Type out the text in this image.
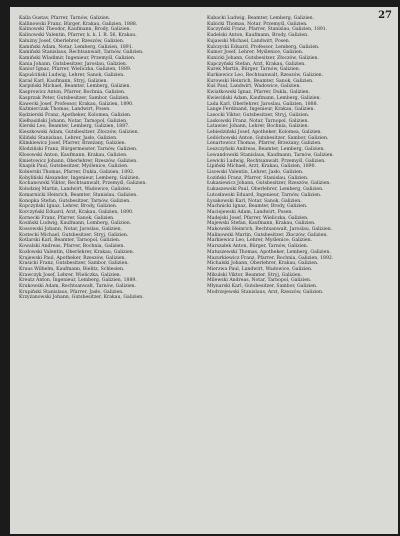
27

Kalla Gustav, Pfarrer, Tarnów, Galizien.

Kallinowski Franz, Bürger, Krakau, Galizien, 1888.

Kalinowski Theodor, Kaufmann, Brody, Galizien.

Kalinowski Valentin, Pfarrer, k. k. I. R. 56, Krakau.

Kałużny Josef, Oberlehrer, Rzeszów, Galizien.

Kamiński Adam, Notar, Lemberg, Galizien, 1891.

Kamiński Stanislaus, Rechtsanwalt, Tarnów, Galizien.

Kamiński Wladimir, Ingenieur, Przemyśl, Galizien.

Kania Johann, Gutsbesitzer, Jaroslau, Galizien.

Kanior Ignaz, Pfarrer, Wieliczka, Galizien, 1889.

Kapuściński Ludwig, Lehrer, Sanok, Galizien.

Karaś Karl, Kaufmann, Stryj, Galizien.

Karpiński Michael, Beamter, Lemberg, Galizien.

Kasprowicz Anton, Pfarrer, Bochnia, Galizien.

Kasprzak Peter, Gutsbesitzer, Sambor, Galizien.

Kawecki Josef, Professor, Krakau, Galizien, 1890.

Kaźmierczak Thomas, Landwirt, Posen.

Kędzierski Franz, Apotheker, Kolomea, Galizien.

Kiełbasiński Johann, Notar, Tarnopol, Galizien.

Kierski Leo, Beamter, Lemberg, Galizien, 1887.

Kieszkowski Adam, Gutsbesitzer, Złoczów, Galizien.

Kiliński Stanislaus, Lehrer, Jasło, Galizien.

Klimkiewicz Josef, Pfarrer, Brzeżany, Galizien.

Kłodziński Franz, Bürgermeister, Tarnów, Galizien.

Kłosowski Anton, Kaufmann, Krakau, Galizien.

Kmietowicz Johann, Oberlehrer, Rzeszów, Galizien.

Knapik Paul, Gutsbesitzer, Myślenice, Galizien.

Kobierski Thomas, Pfarrer, Dukla, Galizien, 1892.

Kobyliński Alexander, Ingenieur, Lemberg, Galizien.

Kochanowski Viktor, Rechtsanwalt, Przemyśl, Galizien.

Kołodziej Martin, Landwirt, Wadowice, Galizien.

Komarnicki Heinrich, Beamter, Stanislau, Galizien.

Konopka Stefan, Gutsbesitzer, Tarnów, Galizien.

Kopczyński Ignaz, Lehrer, Brody, Galizien.

Korczyński Eduard, Arzt, Krakau, Galizien, 1890.

Kornecki Franz, Pfarrer, Sanok, Galizien.

Kosiński Ludwig, Kaufmann, Lemberg, Galizien.

Kossowski Johann, Notar, Jaroslau, Galizien.

Kostecki Michael, Gutsbesitzer, Stryj, Galizien.

Kotlarski Karl, Beamter, Tarnopol, Galizien.

Kowalski Andreas, Pfarrer, Bochnia, Galizien.

Kozłowski Valentin, Oberlehrer, Krakau, Galizien.

Krajewski Paul, Apotheker, Rzeszów, Galizien.

Krasicki Franz, Gutsbesitzer, Sambor, Galizien.

Kraus Wilhelm, Kaufmann, Bielitz, Schlesien.

Krawczyk Josef, Lehrer, Wieliczka, Galizien.

Kreutz Anton, Ingenieur, Lemberg, Galizien, 1889.

Krukowski Adam, Rechtsanwalt, Tarnów, Galizien.

Krupiński Stanislaus, Pfarrer, Jasło, Galizien.

Krzyżanowski Johann, Gutsbesitzer, Krakau, Galizien.

Kubacki Ludwig, Beamter, Lemberg, Galizien.

Kubicki Thomas, Notar, Przemyśl, Galizien.

Kuczyński Franz, Pfarrer, Stanislau, Galizien, 1891.

Kudelski Anton, Kaufmann, Brody, Galizien.

Kujawski Michael, Landwirt, Posen.

Kulczycki Eduard, Professor, Lemberg, Galizien.

Kumor Josef, Lehrer, Myślenice, Galizien.

Kunicki Johann, Gutsbesitzer, Złoczów, Galizien.

Kupczyński Stefan, Arzt, Krakau, Galizien.

Kurek Martin, Bürger, Tarnów, Galizien.

Kurkiewicz Leo, Rechtsanwalt, Rzeszów, Galizien.

Kurowski Heinrich, Beamter, Sanok, Galizien.

Kuś Paul, Landwirt, Wadowice, Galizien.

Kwiatkowski Ignaz, Pfarrer, Dukla, Galizien.

Kwieciński Adam, Kaufmann, Lemberg, Galizien.

Lada Karl, Oberlehrer, Jaroslau, Galizien, 1888.

Lange Ferdinand, Ingenieur, Krakau, Galizien.

Lasocki Viktor, Gutsbesitzer, Stryj, Galizien.

Laskowski Franz, Notar, Tarnopol, Galizien.

Latawiec Johann, Lehrer, Bochnia, Galizien.

Lebiedziński Josef, Apotheker, Kolomea, Galizien.

Ledóchowski Anton, Gutsbesitzer, Sambor, Galizien.

Lenartowicz Thomas, Pfarrer, Brzeżany, Galizien.

Leszczyński Andreas, Beamter, Lemberg, Galizien.

Lewandowski Stanislaus, Kaufmann, Tarnów, Galizien.

Lewicki Ludwig, Rechtsanwalt, Przemyśl, Galizien.

Lipiński Michael, Arzt, Krakau, Galizien, 1890.

Lisowski Valentin, Lehrer, Jasło, Galizien.

Łoziński Franz, Pfarrer, Stanislau, Galizien.

Łukasiewicz Johann, Gutsbesitzer, Rzeszów, Galizien.

Łukaszewski Paul, Oberlehrer, Lemberg, Galizien.

Lutosławski Eduard, Ingenieur, Tarnów, Galizien.

Łysakowski Karl, Notar, Sanok, Galizien.

Machnicki Ignaz, Beamter, Brody, Galizien.

Maciejewski Adam, Landwirt, Posen.

Madejski Josef, Pfarrer, Wieliczka, Galizien.

Majewski Stefan, Kaufmann, Krakau, Galizien.

Makowski Heinrich, Rechtsanwalt, Jaroslau, Galizien.

Malinowski Martin, Gutsbesitzer, Złoczów, Galizien.

Markiewicz Leo, Lehrer, Myślenice, Galizien.

Marszałek Anton, Bürger, Tarnów, Galizien.

Matuszewski Thomas, Apotheker, Lemberg, Galizien.

Mazurkiewicz Franz, Pfarrer, Bochnia, Galizien, 1892.

Michalski Johann, Oberlehrer, Krakau, Galizien.

Mierzwa Paul, Landwirt, Wadowice, Galizien.

Mikulski Viktor, Beamter, Stryj, Galizien.

Milewski Andreas, Notar, Tarnopol, Galizien.

Młynarski Karl, Gutsbesitzer, Sambor, Galizien.

Modrzejewski Stanislaus, Arzt, Rzeszów, Galizien.
